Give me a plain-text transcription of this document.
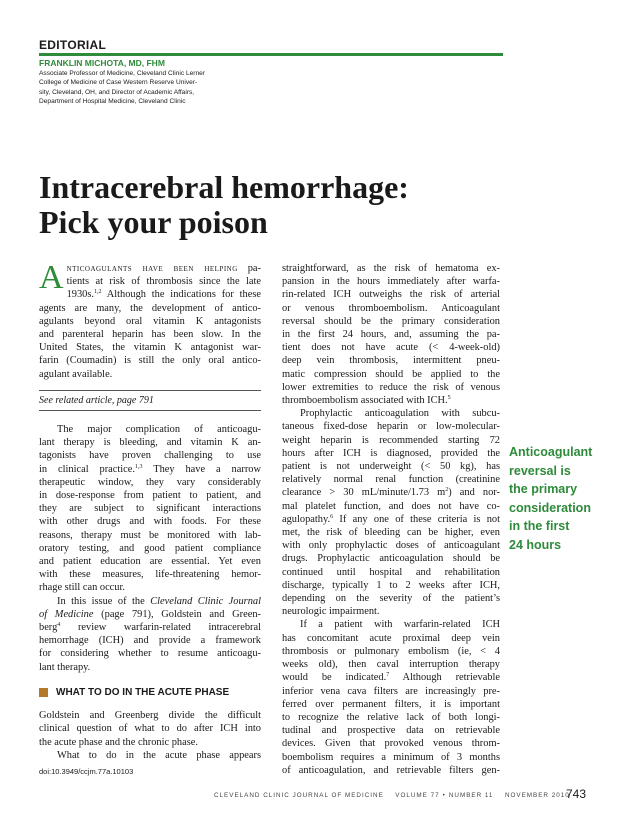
EDITORIAL
FRANKLIN MICHOTA, MD, FHM
Associate Professor of Medicine, Cleveland Clinic Lerner
College of Medicine of Case Western Reserve Univer-
sity, Cleveland, OH, and Director of Academic Affairs,
Department of Hospital Medicine, Cleveland Clinic
Intracerebral hemorrhage:
Pick your poison
A nticoagulants have been helping pa-
tients at risk of thrombosis since the late
1930s.$^{1,2}$ Although the indications for these
agents are many, the development of antico-
agulants beyond oral vitamin K antagonists
and parenteral heparin has been slow. In the
United States, the vitamin K antagonist war-
farin (Coumadin) is still the only oral antico-
agulant available.
See related article, page 791
The major complication of anticoagu-
lant therapy is bleeding, and vitamin K an-
tagonists have proven challenging to use
in clinical practice.$^{1,3}$ They have a narrow
therapeutic window, they vary considerably
in dose-response from patient to patient, and
they are subject to significant interactions
with other drugs and with foods. For these
reasons, therapy must be monitored with lab-
oratory testing, and good patient compliance
and patient education are essential. Yet even
with these measures, life-threatening hemor-
rhage still can occur.
In this issue of the Cleveland Clinic Journal
of Medicine (page 791), Goldstein and Green-
berg$^4$ review warfarin-related intracerebral
hemorrhage (ICH) and provide a framework
for considering whether to resume anticoagu-
lant therapy.
WHAT TO DO IN THE ACUTE PHASE
Goldstein and Greenberg divide the difficult
clinical question of what to do after ICH into
the acute phase and the chronic phase.
What to do in the acute phase appears
doi:10.3949/ccjm.77a.10103
straightforward, as the risk of hematoma ex-
pansion in the hours immediately after warfa-
rin-related ICH outweighs the risk of arterial
or venous thromboembolism. Anticoagulant
reversal should be the primary consideration
in the first 24 hours, and, assuming the pa-
tient does not have acute (< 4-week-old)
deep vein thrombosis, intermittent pneu-
matic compression should be applied to the
lower extremities to reduce the risk of venous
thromboembolism associated with ICH.$^5$
Prophylactic anticoagulation with subcu-
taneous fixed-dose heparin or low-molecular-
weight heparin is recommended starting 72
hours after ICH is diagnosed, provided the
patient is not underweight (< 50 kg), has
relatively normal renal function (creatinine
clearance > 30 mL/minute/1.73 $m^2$) and nor-
mal platelet function, and does not have co-
agulopathy.$^6$ If any one of these criteria is not
met, the risk of bleeding can be higher, even
with only prophylactic doses of anticoagulant
drugs. Prophylactic anticoagulation should be
continued until hospital and rehabilitation
discharge, typically 1 to 2 weeks after ICH,
depending on the severity of the patient’s
neurologic impairment.
If a patient with warfarin-related ICH
has concomitant acute proximal deep vein
thrombosis or pulmonary embolism (ie, < 4
weeks old), then caval interruption therapy
would be indicated.$^7$ Although retrievable
inferior vena cava filters are increasingly pre-
ferred over permanent filters, it is important
to recognize the relative lack of both longi-
tudinal and prospective data on retrievable
devices. Given that provoked venous throm-
boembolism requires a minimum of 3 months
of anticoagulation, and retrievable filters gen-
Anticoagulant
reversal is
the primary
consideration
in the first
24 hours
CLEVELAND CLINIC JOURNAL OF MEDICINE VOLUME 77 • NUMBER 11 NOVEMBER 2010
743
